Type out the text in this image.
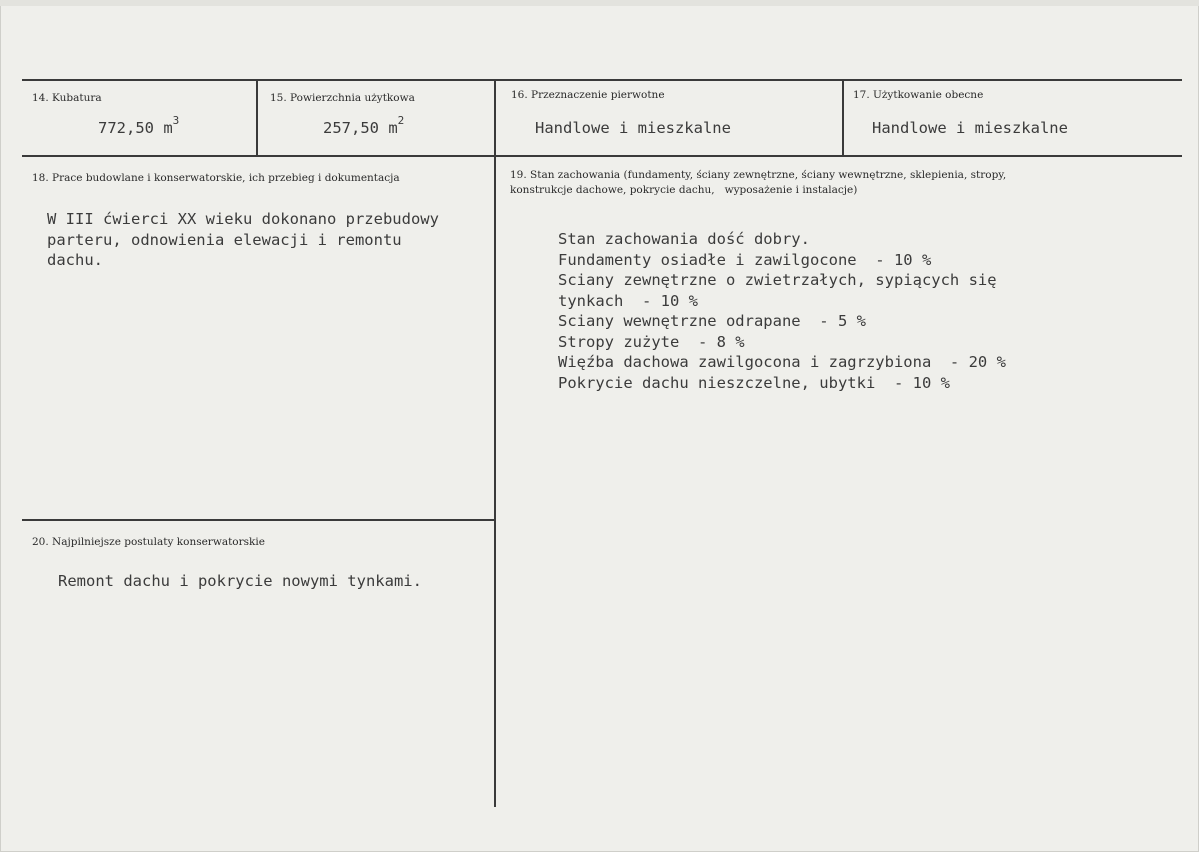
14. Kubatura
772,50 $m^3$
15. Powierzchnia użytkowa
257,50 $m^2$
16. Przeznaczenie pierwotne
Handlowe i mieszkalne
17. Użytkowanie obecne
Handlowe i mieszkalne
18. Prace budowlane i konserwatorskie, ich przebieg i dokumentacja
W III ćwierci XX wieku dokonano przebudowy
parteru, odnowienia elewacji i remontu
dachu.
19. Stan zachowania (fundamenty, ściany zewnętrzne, ściany wewnętrzne, sklepienia, stropy,
konstrukcje dachowe, pokrycie dachu,   wyposażenie i instalacje)
Stan zachowania dość dobry.
Fundamenty osiadłe i zawilgocone  - 10 %
Sciany zewnętrzne o zwietrzałych, sypiących się
tynkach  - 10 %
Sciany wewnętrzne odrapane  - 5 %
Stropy zużyte  - 8 %
Więźba dachowa zawilgocona i zagrzybiona  - 20 %
Pokrycie dachu nieszczelne, ubytki  - 10 %
20. Najpilniejsze postulaty konserwatorskie
Remont dachu i pokrycie nowymi tynkami.
